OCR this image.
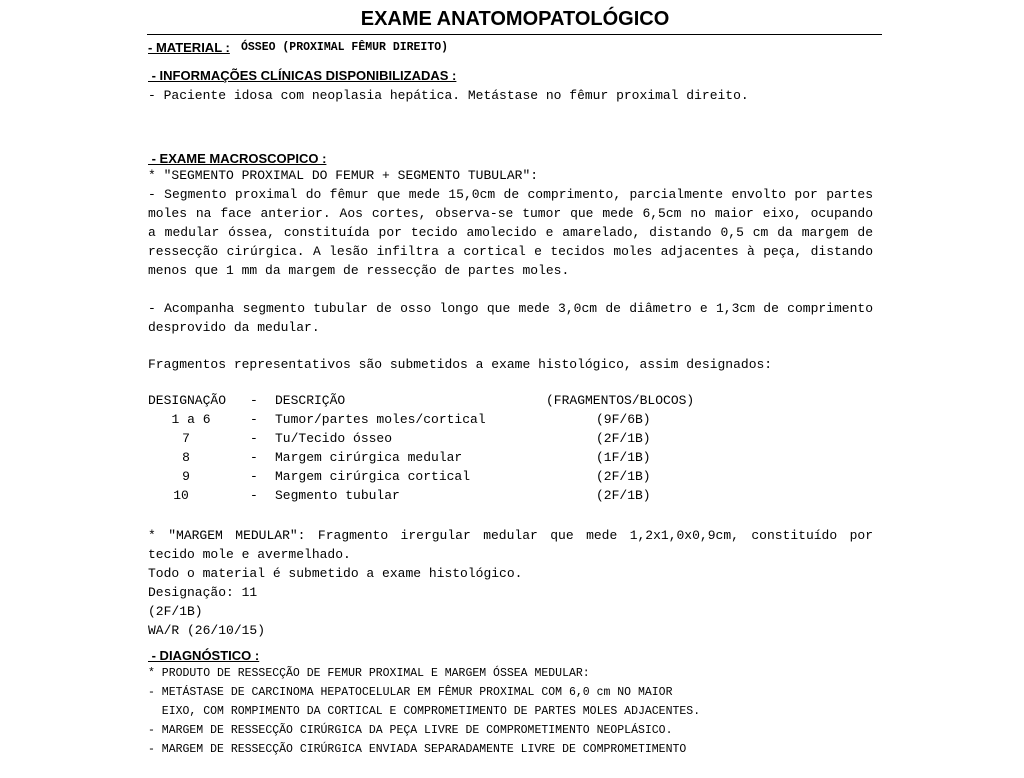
EXAME ANATOMOPATOLÓGICO
- MATERIAL : ÓSSEO (PROXIMAL FÊMUR DIREITO)
- INFORMAÇÕES CLÍNICAS DISPONIBILIZADAS :
- Paciente idosa com neoplasia hepática. Metástase no fêmur proximal direito.
- EXAME MACROSCOPICO :
* "SEGMENTO PROXIMAL DO FEMUR + SEGMENTO TUBULAR":
- Segmento proximal do fêmur que mede 15,0cm de comprimento, parcialmente envolto por partes moles na face anterior. Aos cortes, observa-se tumor que mede 6,5cm no maior eixo, ocupando a medular óssea, constituída por tecido amolecido e amarelado, distando 0,5 cm da margem de ressecção cirúrgica. A lesão infiltra a cortical e tecidos moles adjacentes à peça, distando menos que 1 mm da margem de ressecção de partes moles.
- Acompanha segmento tubular de osso longo que mede 3,0cm de diâmetro e 1,3cm de comprimento desprovido da medular.
Fragmentos representativos são submetidos a exame histológico, assim designados:
DESIGNAÇÃO - DESCRIÇÃO	(FRAGMENTOS/BLOCOS)
1 a 6	- Tumor/partes moles/cortical	(9F/6B)
7	- Tu/Tecido ósseo	(2F/1B)
8	- Margem cirúrgica medular	(1F/1B)
9	- Margem cirúrgica cortical	(2F/1B)
10	- Segmento tubular	(2F/1B)
* "MARGEM MEDULAR": Fragmento irergular medular que mede 1,2x1,0x0,9cm, constituído por tecido mole e avermelhado.
Todo o material é submetido a exame histológico.
Designação: 11
(2F/1B)
WA/R (26/10/15)
- DIAGNÓSTICO :
* PRODUTO DE RESSECÇÃO DE FEMUR PROXIMAL E MARGEM ÓSSEA MEDULAR:
- METÁSTASE DE CARCINOMA HEPATOCELULAR EM FÊMUR PROXIMAL COM 6,0 cm NO MAIOR
EIXO, COM ROMPIMENTO DA CORTICAL E COMPROMETIMENTO DE PARTES MOLES ADJACENTES.
- MARGEM DE RESSECÇÃO CIRÚRGICA DA PEÇA LIVRE DE COMPROMETIMENTO NEOPLÁSICO.
- MARGEM DE RESSECÇÃO CIRÚRGICA ENVIADA SEPARADAMENTE LIVRE DE COMPROMETIMENTO
